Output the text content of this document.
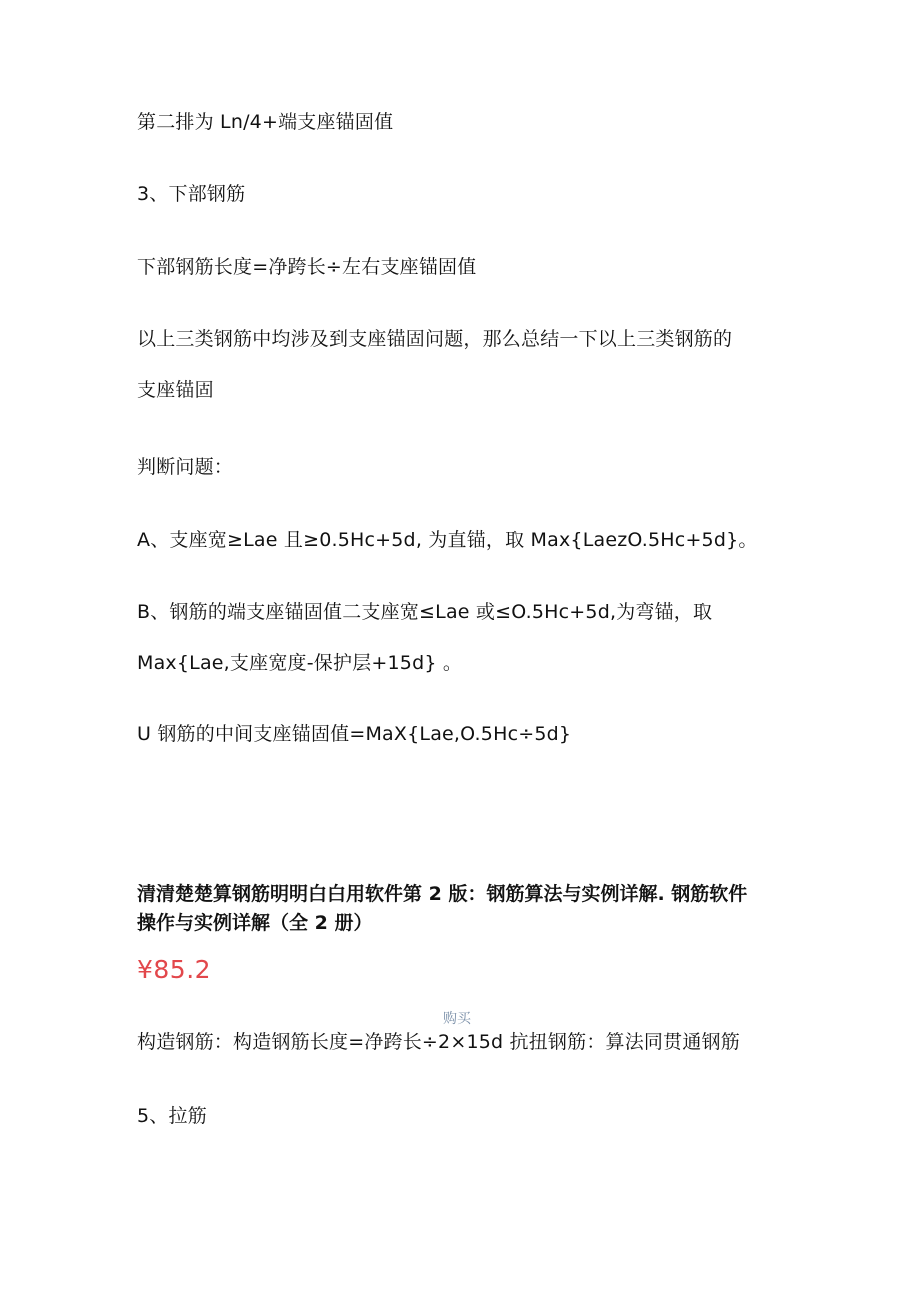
第二排为 Ln/4+端支座锚固值
3、下部钢筋
下部钢筋长度=净跨长÷左右支座锚固值
以上三类钢筋中均涉及到支座锚固问题，那么总结一下以上三类钢筋的
支座锚固
判断问题：
A、支座宽≥Lae 且≥0.5Hc+5d, 为直锚，取 Max{LaezO.5Hc+5d}。
B、钢筋的端支座锚固值二支座宽≤Lae 或≤O.5Hc+5d,为弯锚，取
Max{Lae,支座宽度-保护层+15d} 。
U 钢筋的中间支座锚固值=MaX{Lae,O.5Hc÷5d}
清清楚楚算钢筋明明白白用软件第 2 版：钢筋算法与实例详解. 钢筋软件
操作与实例详解（全 2 册）
¥85.2
购买
构造钢筋：构造钢筋长度=净跨长÷2×15d 抗扭钢筋：算法同贯通钢筋
5、拉筋
